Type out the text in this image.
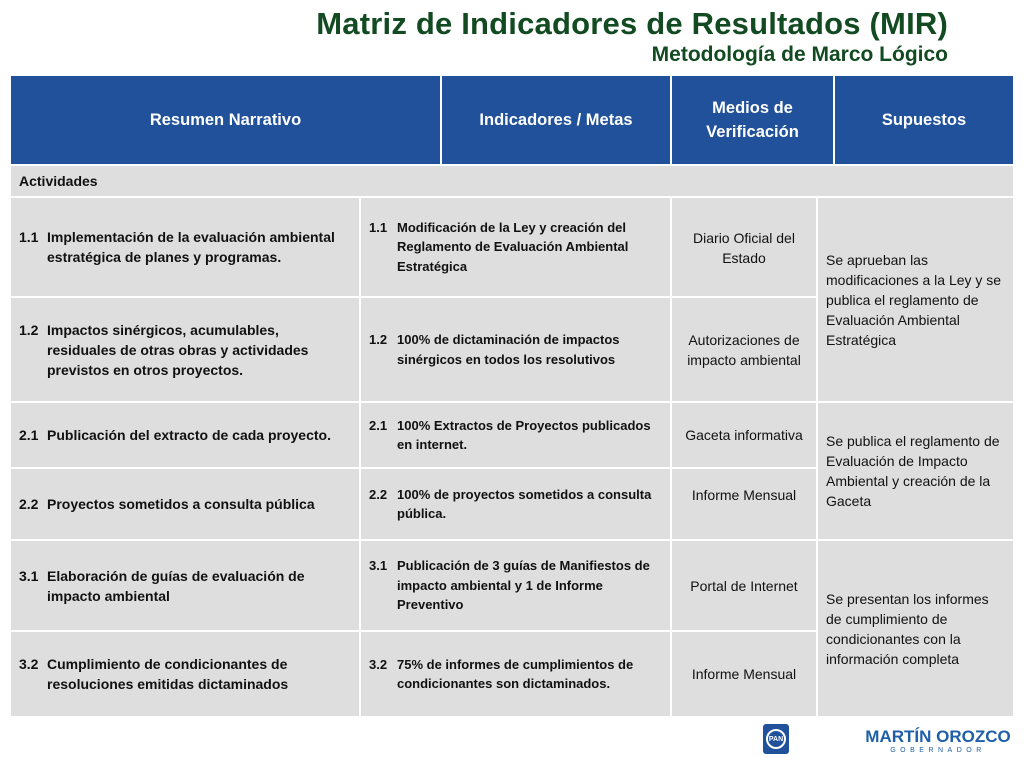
Matriz de Indicadores de Resultados (MIR)
Metodología de Marco Lógico
Resumen Narrativo	Indicadores / Metas
Medios de Verificación
Supuestos
Actividades
1.1 Implementación de la evaluación ambiental estratégica de planes y programas.
1.1 Modificación de la Ley y creación del Reglamento de Evaluación Ambiental Estratégica
Diario Oficial del Estado
1.2 Impactos sinérgicos, acumulables, residuales de otras obras y actividades previstos en otros proyectos.
1.2 100% de dictaminación de impactos sinérgicos en todos los resolutivos
Autorizaciones de impacto ambiental
Se aprueban las modificaciones a la Ley y se publica el reglamento de Evaluación Ambiental Estratégica
2.1 Publicación del extracto de cada proyecto.
2.1 100% Extractos de Proyectos publicados en internet.
Gaceta informativa
2.2 Proyectos sometidos a consulta pública
2.2 100% de proyectos sometidos a consulta pública.
Informe Mensual
Se publica el reglamento de Evaluación de Impacto Ambiental y creación de la Gaceta
3.1 Elaboración de guías de evaluación de impacto ambiental
3.1 Publicación de 3 guías de Manifiestos de impacto ambiental y 1 de Informe Preventivo
Portal de Internet
3.2 Cumplimiento de condicionantes de resoluciones emitidas dictaminados
3.2 75% de informes de cumplimientos de condicionantes son dictaminados.
Informe Mensual
Se presentan los informes de cumplimiento de condicionantes con la información completa
PAN	MARTÍN OROZCO
GOBERNADOR
